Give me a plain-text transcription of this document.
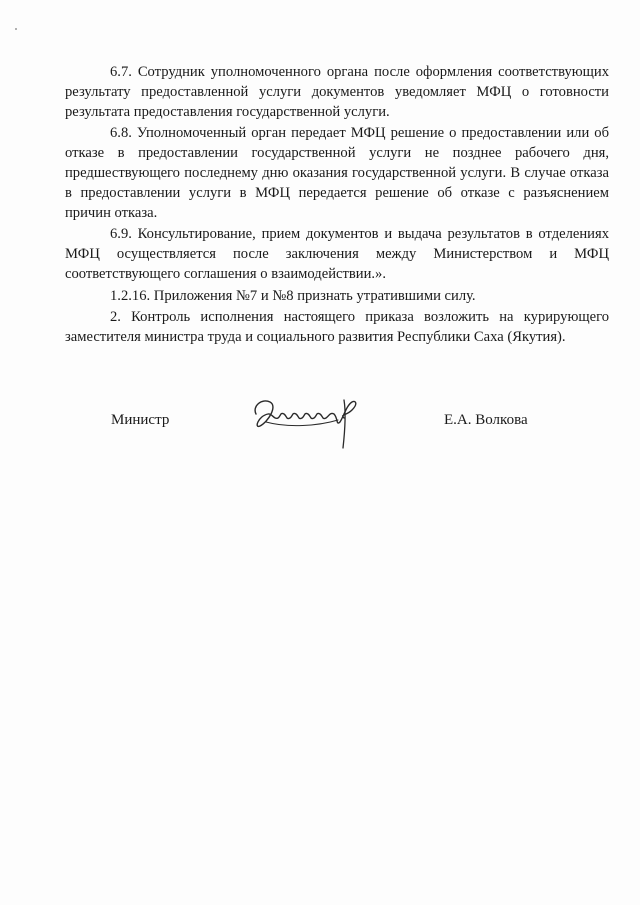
6.7. Сотрудник уполномоченного органа после оформления соответствующих результату предоставленной услуги документов уведомляет МФЦ о готовности результата предоставления государственной услуги.

6.8. Уполномоченный орган передает МФЦ решение о предоставлении или об отказе в предоставлении государственной услуги не позднее рабочего дня, предшествующего последнему дню оказания государственной услуги. В случае отказа в предоставлении услуги в МФЦ передается решение об отказе с разъяснением причин отказа.

6.9. Консультирование, прием документов и выдача результатов в отделениях МФЦ осуществляется после заключения между Министерством и МФЦ соответствующего соглашения о взаимодействии.».

1.2.16. Приложения №7 и №8 признать утратившими силу.

2. Контроль исполнения настоящего приказа возложить на курирующего заместителя министра труда и социального развития Республики Саха (Якутия).

Министр	Е.А. Волкова
